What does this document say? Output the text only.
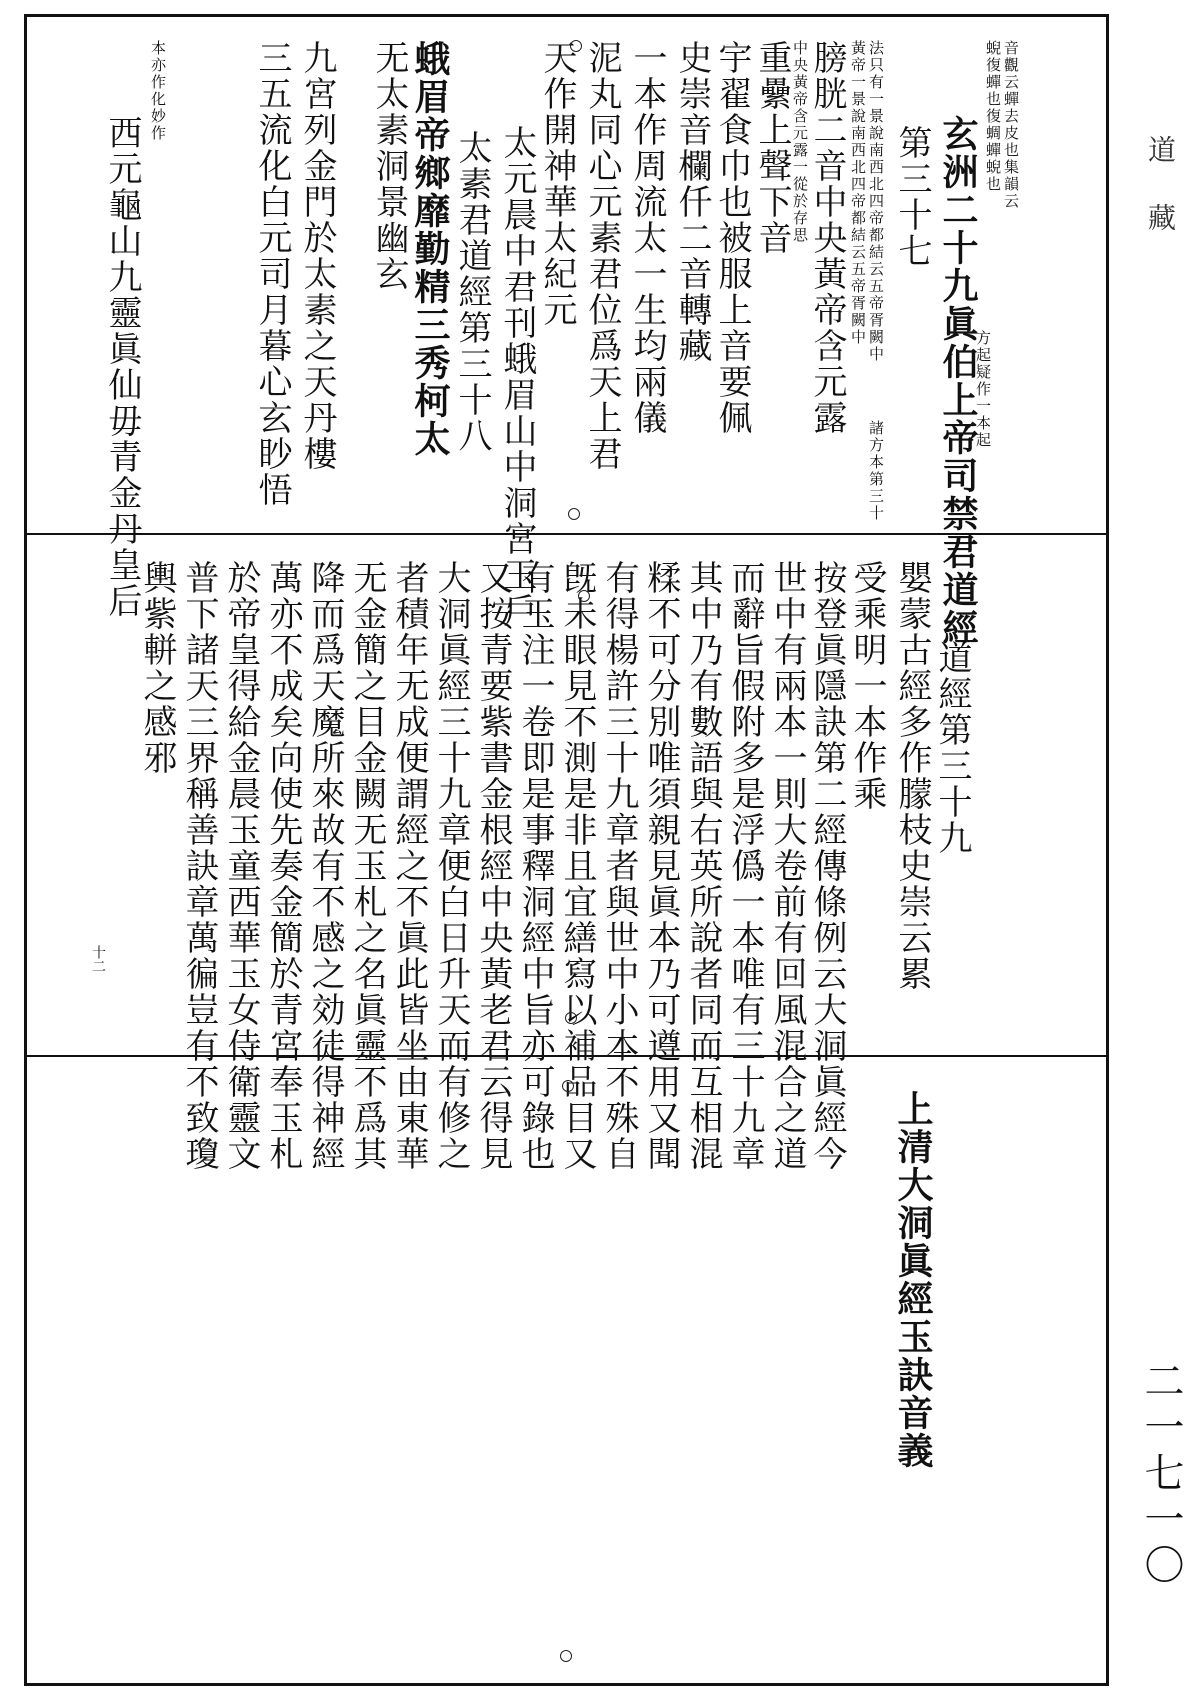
道藏
二一七一〇
音觀云蟬去皮也集韻云
蜺復蟬也復蜩蟬蜺也
玄洲二十九眞伯上帝司禁君道經
方起疑作一本起
第三十七
法只有一景說南西北四帝都結云五帝胥闕中
黃帝一景說南西北四帝都結云五帝胥闕中
膀胱二音中央黃帝含元露
諸方本第三十
中央黃帝含元露一從於存思
重纍上聲下音
宇翟食巾也被服上音要佩
史崇音欄仟二音轉藏
一本作周流太一生均兩儀
泥丸同心元素君位爲天上君
太元晨中君刊蛾眉山中洞宮玉戶 天作開神華太紀元
太素君道經第三十八
蛾眉帝鄉靡勤精三秀柯太
无太素洞景幽玄
九宮列金門於太素之天丹樓
三五流化白元司月暮心玄眇悟
本亦作化妙作
西元龜山九靈眞仙毋青金丹皇后
道經第三十九
嬰蒙古經多作朦枝史崇云累
受乘明一本作乘
按登眞隱訣第二經傳條例云大洞眞經今
世中有兩本一則大卷前有回風混合之道
而辭旨假附多是浮僞一本唯有三十九章
其中乃有數語與右英所說者同而互相混
糅不可分別唯須親見眞本乃可遵用又聞
有得楊許三十九章者與世中小本不殊自
旣未眼見不測是非且宜繕寫以補品目又
有玉注一卷即是事釋洞經中旨亦可錄也
又按青要紫書金根經中央黃老君云得見
大洞眞經三十九章便白日升天而有修之
者積年无成便謂經之不眞此皆坐由東華
无金簡之目金闕无玉札之名眞靈不爲其
降而爲天魔所來故有不感之効徒得神經
萬亦不成矣向使先奏金簡於青宮奉玉札
於帝皇得給金晨玉童西華玉女侍衛靈文
普下諸天三界稱善訣章萬徧豈有不致瓊
輿紫軿之感邪
十二
上清大洞眞經玉訣音義
